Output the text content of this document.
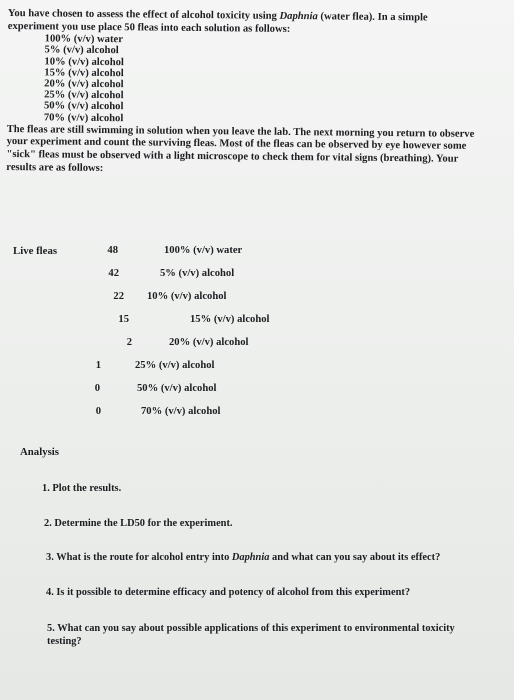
You have chosen to assess the effect of alcohol toxicity using Daphnia (water flea). In a simple experiment you use place 50 fleas into each solution as follows:

100% (v/v) water
5% (v/v) alcohol
10% (v/v) alcohol
15% (v/v) alcohol
20% (v/v) alcohol
25% (v/v) alcohol
50% (v/v) alcohol
70% (v/v) alcohol

The fleas are still swimming in solution when you leave the lab. The next morning you return to observe your experiment and count the surviving fleas. Most of the fleas can be observed by eye however some "sick" fleas must be observed with a light microscope to check them for vital signs (breathing). Your results are as follows:

Live fleas	48	100% (v/v) water
42	5% (v/v) alcohol
22 10% (v/v) alcohol
15	15% (v/v) alcohol
2	20% (v/v) alcohol
1	25% (v/v) alcohol
0	50% (v/v) alcohol
0	70% (v/v) alcohol
Analysis
1. Plot the results.
2. Determine the LD50 for the experiment.
3. What is the route for alcohol entry into Daphnia and what can you say about its effect?
4. Is it possible to determine efficacy and potency of alcohol from this experiment?
5. What can you say about possible applications of this experiment to environmental toxicity testing?
